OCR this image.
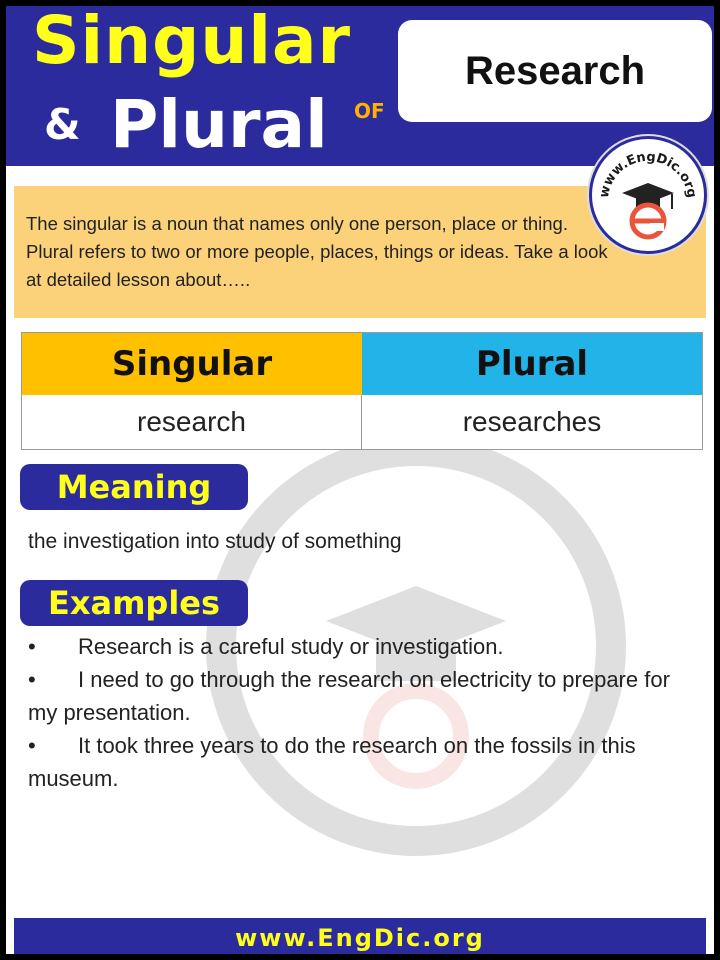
Singular
& Plural OF
Research
www.EngDic.org
The singular is a noun that names only one person, place or thing. Plural refers to two or more people, places, things or ideas. Take a look at detailed lesson about…..
Singular	Plural
research	researches
Meaning
the investigation into study of something
Examples
• Research is a careful study or investigation.
• I need to go through the research on electricity to prepare for my presentation.
• It took three years to do the research on the fossils in this museum.
www.EngDic.org
